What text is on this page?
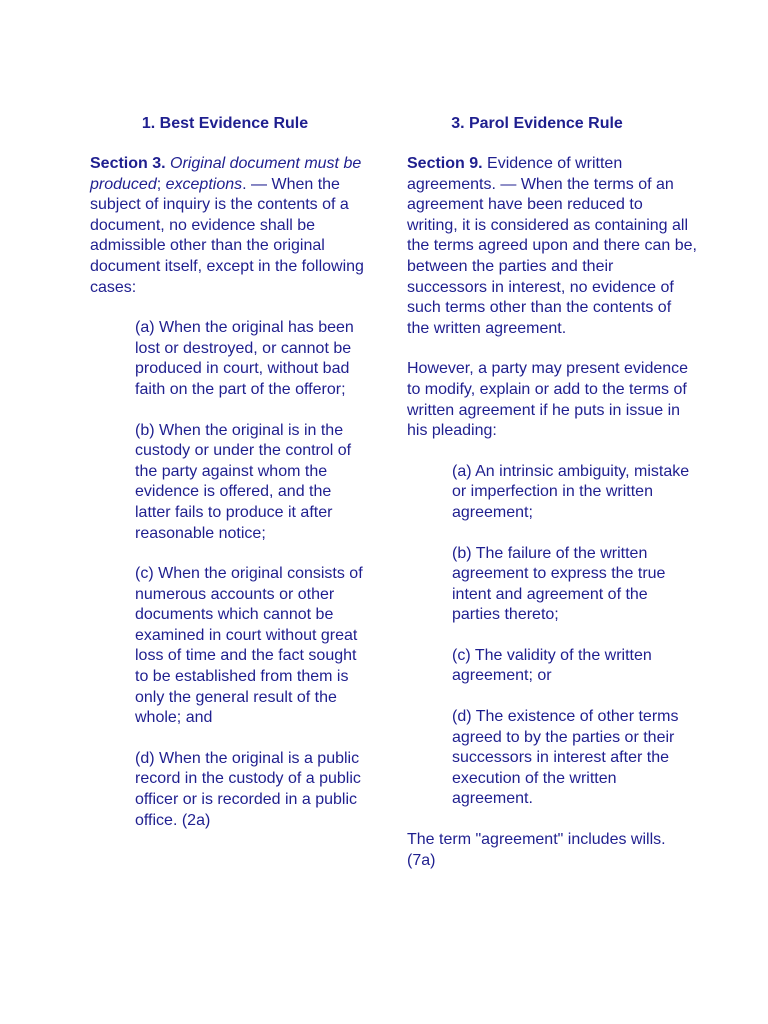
1. Best Evidence Rule

Section 3. Original document must be produced; exceptions. — When the subject of inquiry is the contents of a document, no evidence shall be admissible other than the original document itself, except in the following cases:

(a) When the original has been lost or destroyed, or cannot be produced in court, without bad faith on the part of the offeror;

(b) When the original is in the custody or under the control of the party against whom the evidence is offered, and the latter fails to produce it after reasonable notice;

(c) When the original consists of numerous accounts or other documents which cannot be examined in court without great loss of time and the fact sought to be established from them is only the general result of the whole; and

(d) When the original is a public record in the custody of a public officer or is recorded in a public office. (2a)

3. Parol Evidence Rule

Section 9. Evidence of written agreements. — When the terms of an agreement have been reduced to writing, it is considered as containing all the terms agreed upon and there can be, between the parties and their successors in interest, no evidence of such terms other than the contents of the written agreement.

However, a party may present evidence to modify, explain or add to the terms of written agreement if he puts in issue in his pleading:

(a) An intrinsic ambiguity, mistake or imperfection in the written agreement;

(b) The failure of the written agreement to express the true intent and agreement of the parties thereto;

(c) The validity of the written agreement; or

(d) The existence of other terms agreed to by the parties or their successors in interest after the execution of the written agreement.

The term "agreement" includes wills. (7a)
